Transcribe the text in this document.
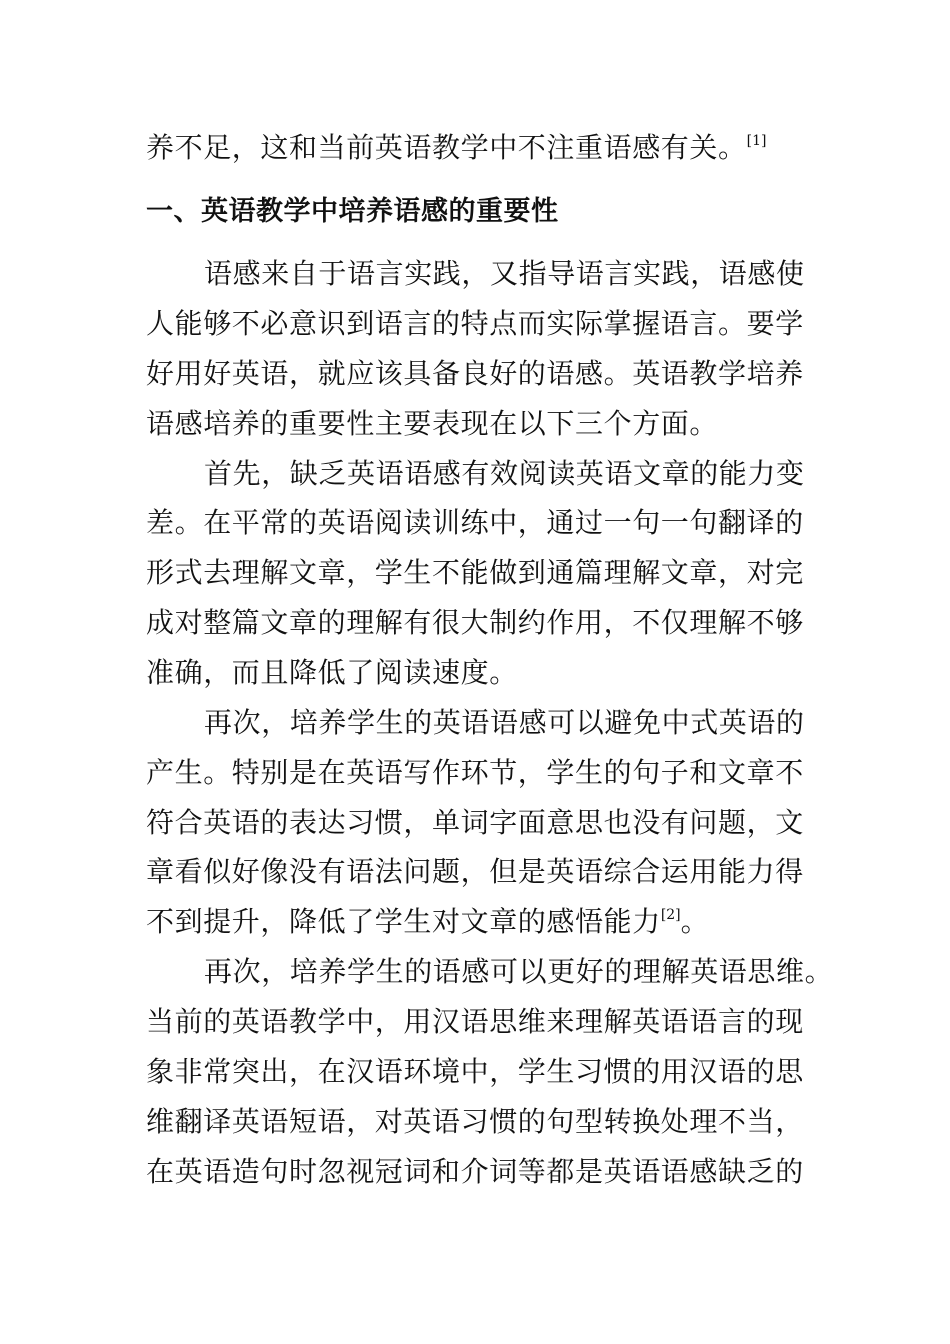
养不足，这和当前英语教学中不注重语感有关。[1]
一、英语教学中培养语感的重要性
语感来自于语言实践，又指导语言实践，语感使
人能够不必意识到语言的特点而实际掌握语言。要学
好用好英语，就应该具备良好的语感。英语教学培养
语感培养的重要性主要表现在以下三个方面。
首先，缺乏英语语感有效阅读英语文章的能力变
差。在平常的英语阅读训练中，通过一句一句翻译的
形式去理解文章，学生不能做到通篇理解文章，对完
成对整篇文章的理解有很大制约作用，不仅理解不够
准确，而且降低了阅读速度。
再次，培养学生的英语语感可以避免中式英语的
产生。特别是在英语写作环节，学生的句子和文章不
符合英语的表达习惯，单词字面意思也没有问题，文
章看似好像没有语法问题，但是英语综合运用能力得
不到提升，降低了学生对文章的感悟能力[2]。
再次，培养学生的语感可以更好的理解英语思维。
当前的英语教学中，用汉语思维来理解英语语言的现
象非常突出，在汉语环境中，学生习惯的用汉语的思
维翻译英语短语，对英语习惯的句型转换处理不当，
在英语造句时忽视冠词和介词等都是英语语感缺乏的
